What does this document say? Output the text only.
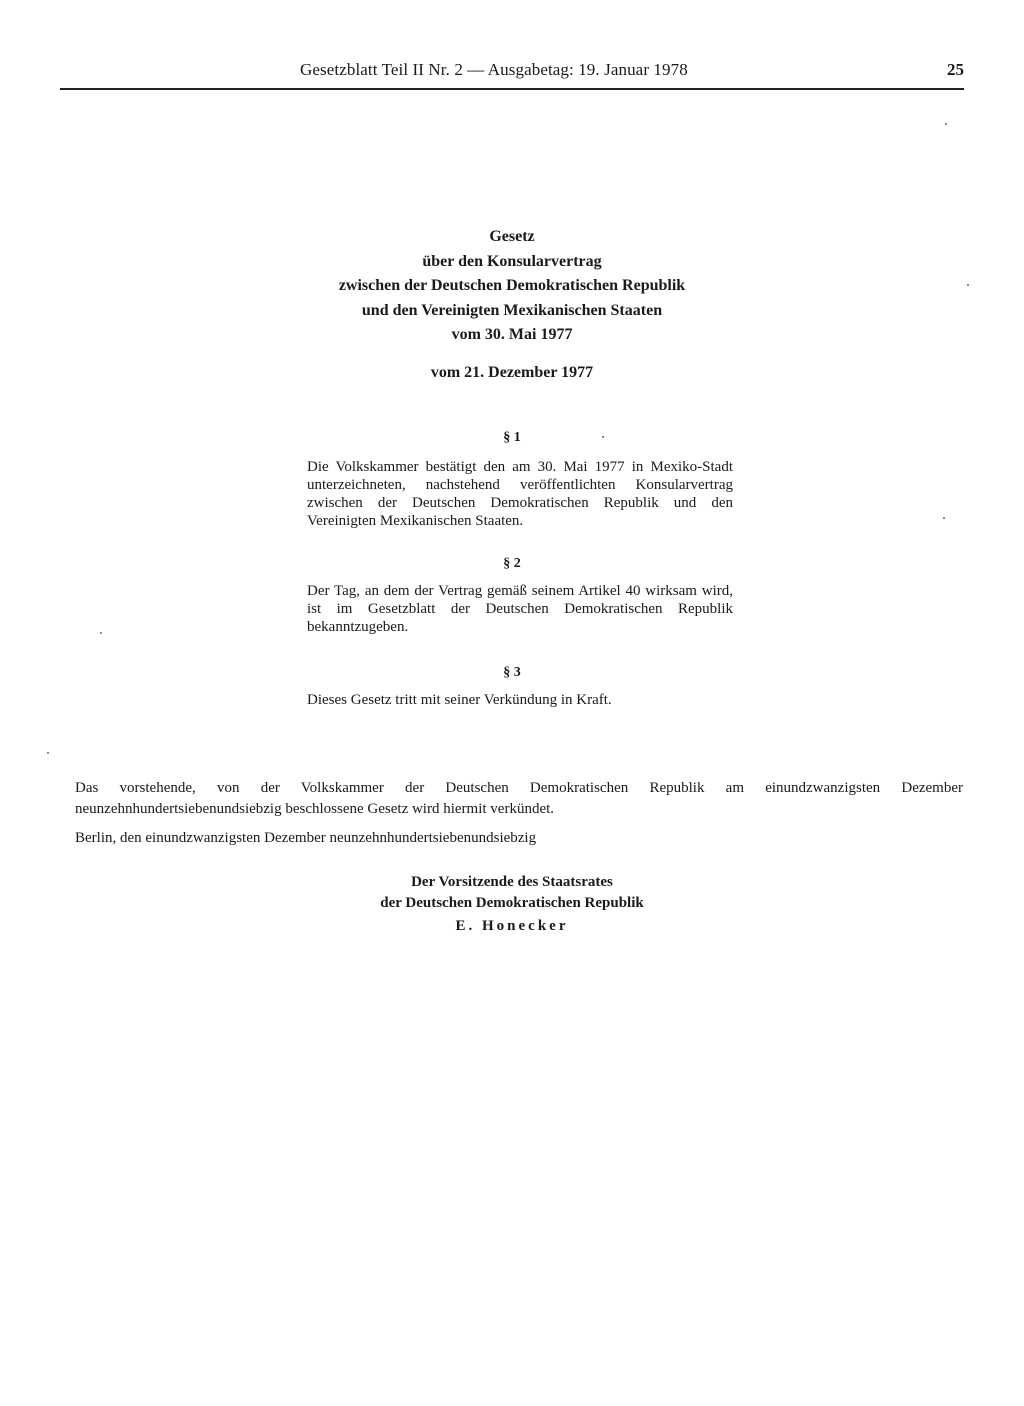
Gesetzblatt Teil II Nr. 2 — Ausgabetag: 19. Januar 1978	25
Gesetz
über den Konsularvertrag
zwischen der Deutschen Demokratischen Republik
und den Vereinigten Mexikanischen Staaten
vom 30. Mai 1977
vom 21. Dezember 1977
§ 1
Die Volkskammer bestätigt den am 30. Mai 1977 in Mexiko-Stadt unterzeichneten, nachstehend veröffentlichten Konsularvertrag zwischen der Deutschen Demokratischen Republik und den Vereinigten Mexikanischen Staaten.
§ 2
Der Tag, an dem der Vertrag gemäß seinem Artikel 40 wirksam wird, ist im Gesetzblatt der Deutschen Demokratischen Republik bekanntzugeben.
§ 3
Dieses Gesetz tritt mit seiner Verkündung in Kraft.
Das vorstehende, von der Volkskammer der Deutschen Demokratischen Republik am einundzwanzigsten Dezember neunzehnhundertsiebenundsiebzig beschlossene Gesetz wird hiermit verkündet.
Berlin, den einundzwanzigsten Dezember neunzehnhundertsiebenundsiebzig
Der Vorsitzende des Staatsrates
der Deutschen Demokratischen Republik
E. Honecker
